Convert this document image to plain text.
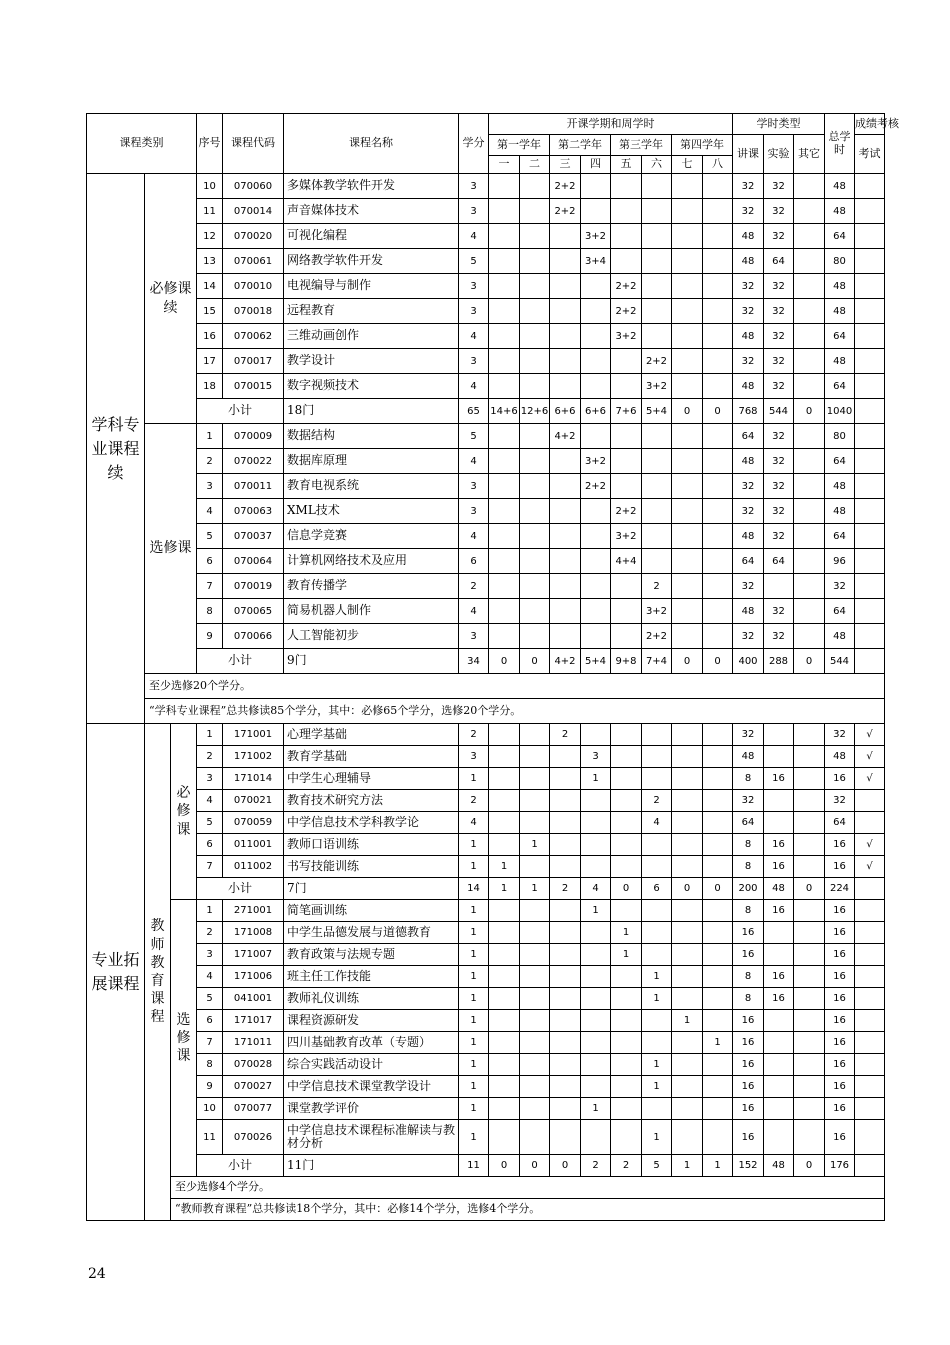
课程类别			序号	课程代码	课程名称	学分	开课学期和周学时								学时类型			总学时	成绩考核
							第一学年		第二学年		第三学年		第四学年		讲课	实验	其它		考试
							一	二	三	四	五	六	七	八					
学科专业课程续	必修课续		10	070060	多媒体教学软件开发	3			2+2						32	32		48	
			11	070014	声音媒体技术	3			2+2						32	32		48	
			12	070020	可视化编程	4				3+2					48	32		64	
			13	070061	网络教学软件开发	5				3+4					48	64		80	
			14	070010	电视编导与制作	3					2+2				32	32		48	
			15	070018	远程教育	3					2+2				32	32		48	
			16	070062	三维动画创作	4					3+2				48	32		64	
			17	070017	教学设计	3						2+2			32	32		48	
			18	070015	数字视频技术	4						3+2			48	32		64	
			小计		18门	65	14+6	12+6	6+6	6+6	7+6	5+4	0	0	768	544	0	1040	
	选修课		1	070009	数据结构	5			4+2						64	32		80	
			2	070022	数据库原理	4				3+2					48	32		64	
			3	070011	教育电视系统	3				2+2					32	32		48	
			4	070063	XML技术	3					2+2				32	32		48	
			5	070037	信息学竞赛	4					3+2				48	32		64	
			6	070064	计算机网络技术及应用	6					4+4				64	64		96	
			7	070019	教育传播学	2						2			32			32	
			8	070065	简易机器人制作	4						3+2			48	32		64	
			9	070066	人工智能初步	3						2+2			32	32		48	
			小计		9门	34	0	0	4+2	5+4	9+8	7+4	0	0	400	288	0	544	
	至少选修20个学分。																		
	“学科专业课程”总共修读85个学分，其中：必修65个学分，选修20个学分。																		
专业拓展课程	教师教育课程	必修课	1	171001	心理学基础	2			2						32			32	√
			2	171002	教育学基础	3				3					48			48	√
			3	171014	中学生心理辅导	1				1					8	16		16	√
			4	070021	教育技术研究方法	2						2			32			32	
			5	070059	中学信息技术学科教学论	4						4			64			64	
			6	011001	教师口语训练	1		1							8	16		16	√
			7	011002	书写技能训练	1	1								8	16		16	√
			小计		7门	14	1	1	2	4	0	6	0	0	200	48	0	224	
		选修课	1	271001	简笔画训练	1				1					8	16		16	
			2	171008	中学生品德发展与道德教育	1					1				16			16	
			3	171007	教育政策与法规专题	1					1				16			16	
			4	171006	班主任工作技能	1						1			8	16		16	
			5	041001	教师礼仪训练	1						1			8	16		16	
			6	171017	课程资源研发	1							1		16			16	
			7	171011	四川基础教育改革（专题）	1								1	16			16	
			8	070028	综合实践活动设计	1						1			16			16	
			9	070027	中学信息技术课堂教学设计	1						1			16			16	
			10	070077	课堂教学评价	1				1					16			16	
			11	070026	中学信息技术课程标准解读与教材分析	1						1			16			16	
			小计		11门	11	0	0	0	2	2	5	1	1	152	48	0	176	
		至少选修4个学分。																	
		“教师教育课程”总共修读18个学分，其中：必修14个学分，选修4个学分。																	
24
